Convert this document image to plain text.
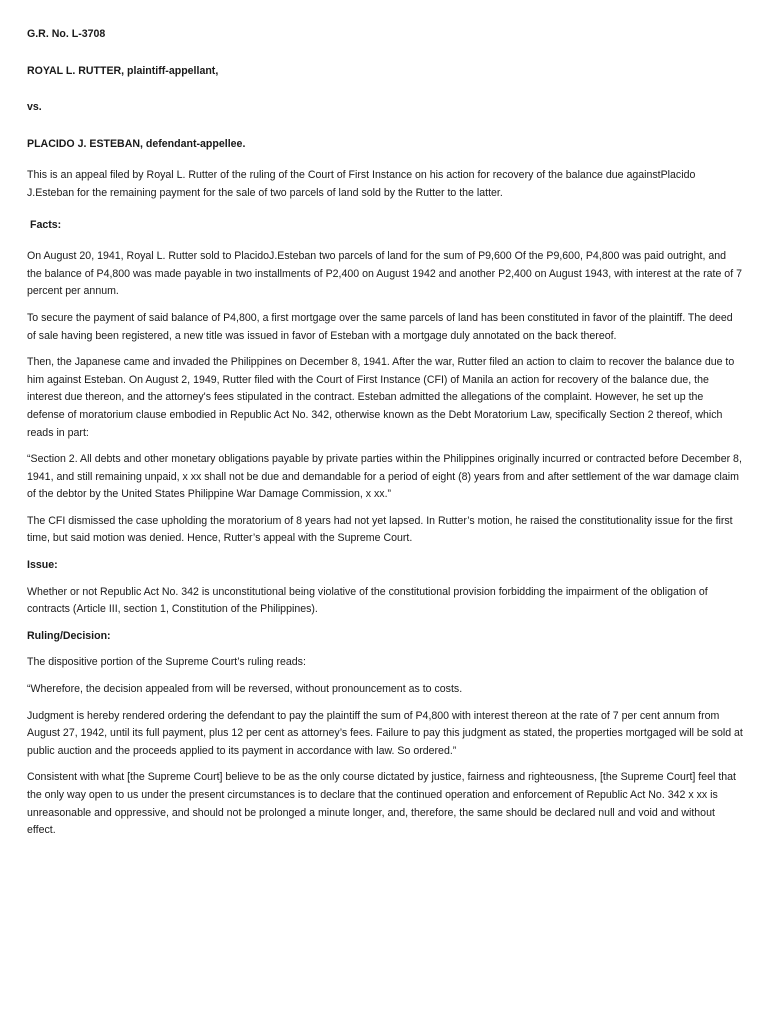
G.R. No. L-3708

ROYAL L. RUTTER, plaintiff-appellant,

vs.

PLACIDO J. ESTEBAN, defendant-appellee.

This is an appeal filed by Royal L. Rutter of the ruling of the Court of First Instance on his action for recovery of the balance due againstPlacido J.Esteban for the remaining payment for the sale of two parcels of land sold by the Rutter to the latter.

Facts:

On August 20, 1941, Royal L. Rutter sold to PlacidoJ.Esteban two parcels of land for the sum of P9,600 Of the P9,600, P4,800 was paid outright, and the balance of P4,800 was made payable in two installments of P2,400 on August 1942 and another P2,400 on August 1943, with interest at the rate of 7 percent per annum.

To secure the payment of said balance of P4,800, a first mortgage over the same parcels of land has been constituted in favor of the plaintiff. The deed of sale having been registered, a new title was issued in favor of Esteban with a mortgage duly annotated on the back thereof.

Then, the Japanese came and invaded the Philippines on December 8, 1941. After the war, Rutter filed an action to claim to recover the balance due to him against Esteban. On August 2, 1949, Rutter filed with the Court of First Instance (CFI) of Manila an action for recovery of the balance due, the interest due thereon, and the attorney's fees stipulated in the contract. Esteban admitted the allegations of the complaint. However, he set up the defense of moratorium clause embodied in Republic Act No. 342, otherwise known as the Debt Moratorium Law, specifically Section 2 thereof, which reads in part:

“Section 2. All debts and other monetary obligations payable by private parties within the Philippines originally incurred or contracted before December 8, 1941, and still remaining unpaid, x xx shall not be due and demandable for a period of eight (8) years from and after settlement of the war damage claim of the debtor by the United States Philippine War Damage Commission, x xx.”

The CFI dismissed the case upholding the moratorium of 8 years had not yet lapsed. In Rutter’s motion, he raised the constitutionality issue for the first time, but said motion was denied. Hence, Rutter’s appeal with the Supreme Court.

Issue:

Whether or not Republic Act No. 342 is unconstitutional being violative of the constitutional provision forbidding the impairment of the obligation of contracts (Article III, section 1, Constitution of the Philippines).

Ruling/Decision:

The dispositive portion of the Supreme Court’s ruling reads:

“Wherefore, the decision appealed from will be reversed, without pronouncement as to costs.

Judgment is hereby rendered ordering the defendant to pay the plaintiff the sum of P4,800 with interest thereon at the rate of 7 per cent annum from August 27, 1942, until its full payment, plus 12 per cent as attorney’s fees. Failure to pay this judgment as stated, the properties mortgaged will be sold at public auction and the proceeds applied to its payment in accordance with law. So ordered.”

Consistent with what [the Supreme Court] believe to be as the only course dictated by justice, fairness and righteousness, [the Supreme Court] feel that the only way open to us under the present circumstances is to declare that the continued operation and enforcement of Republic Act No. 342 x xx is unreasonable and oppressive, and should not be prolonged a minute longer, and, therefore, the same should be declared null and void and without effect.
